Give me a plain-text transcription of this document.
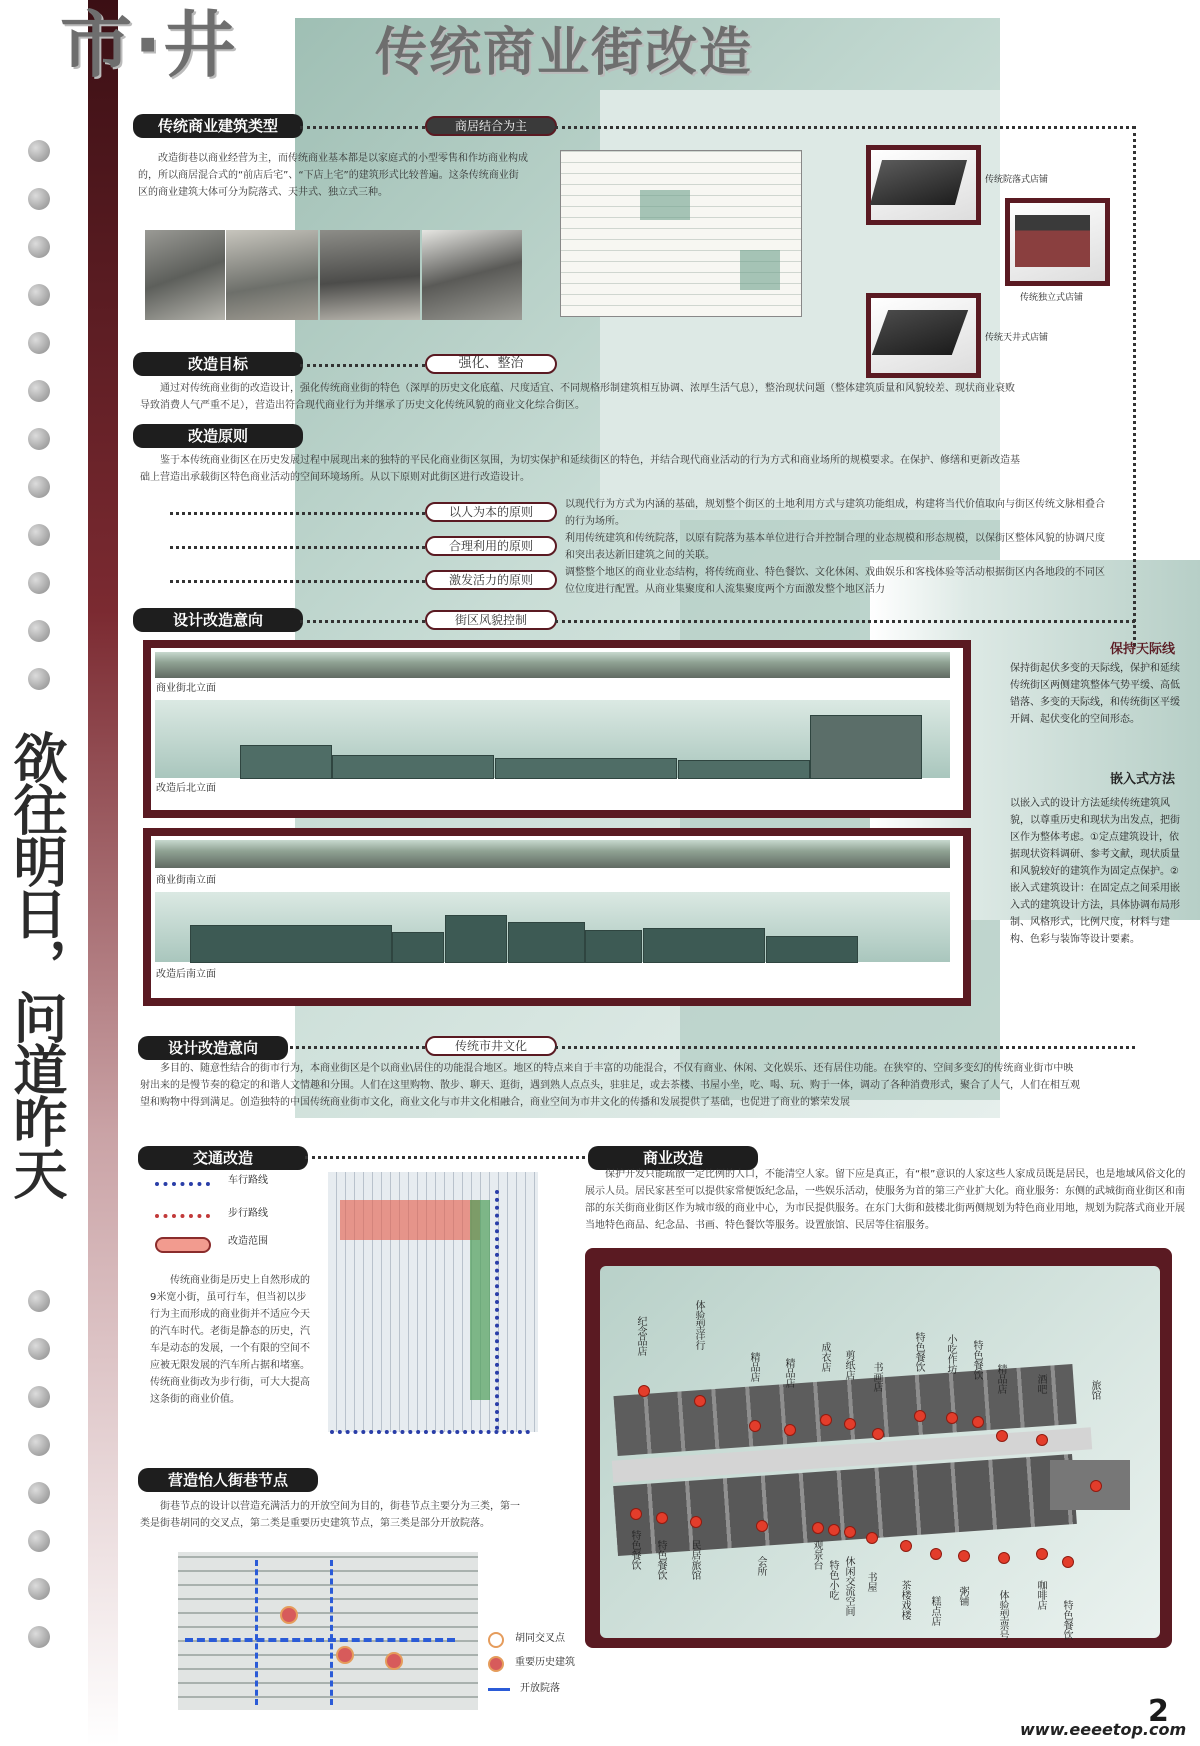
欲往明日，问道昨天
市·井	传统商业街改造
传统商业建筑类型	商居结合为主
改造街巷以商业经营为主，而传统商业基本都是以家庭式的小型零售和作坊商业构成的，所以商居混合式的“前店后宅”、“下店上宅”的建筑形式比较普遍。这条传统商业街区的商业建筑大体可分为院落式、天井式、独立式三种。
传统院落式店铺
传统独立式店铺
传统天井式店铺
改造目标	强化、整治
通过对传统商业街的改造设计，强化传统商业街的特色（深厚的历史文化底蕴、尺度适宜、不同规格形制建筑相互协调、浓厚生活气息），整治现状问题（整体建筑质量和风貌较差、现状商业衰败导致消费人气严重不足），营造出符合现代商业行为并继承了历史文化传统风貌的商业文化综合街区。
改造原则
鉴于本传统商业街区在历史发展过程中展现出来的独特的平民化商业街区氛围，为切实保护和延续街区的特色，并结合现代商业活动的行为方式和商业场所的规模要求。在保护、修缮和更新改造基础上营造出承载街区特色商业活动的空间环境场所。从以下原则对此街区进行改造设计。
以人为本的原则
以现代行为方式为内涵的基础，规划整个街区的土地利用方式与建筑功能组成，构建将当代价值取向与街区传统文脉相叠合的行为场所。
合理利用的原则
利用传统建筑和传统院落，以原有院落为基本单位进行合并控制合理的业态规模和形态规模，以保街区整体风貌的协调尺度和突出表达新旧建筑之间的关联。
激发活力的原则
调整整个地区的商业业态结构，将传统商业、特色餐饮、文化休闲、戏曲娱乐和客栈体验等活动根据街区内各地段的不同区位位度进行配置。从商业集聚度和人流集聚度两个方面激发整个地区活力
设计改造意向	街区风貌控制
商业街北立面
改造后北立面
商业街南立面
改造后南立面
保持天际线
保持街起伏多变的天际线，保护和延续传统街区两侧建筑整体气势平缓、高低错落、多变的天际线，和传统街区平缓开阔、起伏变化的空间形态。
嵌入式方法
以嵌入式的设计方法延续传统建筑风貌，以尊重历史和现状为出发点，把街区作为整体考虑。①定点建筑设计，依据现状资料调研、参考文献，现状质量和风貌较好的建筑作为固定点保护。②嵌入式建筑设计：在固定点之间采用嵌入式的建筑设计方法，具体协调布局形制、风格形式，比例尺度，材料与建构、色彩与装饰等设计要素。
设计改造意向	传统市井文化
多目的、随意性结合的街市行为，本商业街区是个以商业\居住的功能混合地区。地区的特点来自于丰富的功能混合，不仅有商业、休闲、文化娱乐、还有居住功能。在狭窄的、空间多变幻的传统商业街市中映射出来的是慢节奏的稳定的和谐人文情趣和分围。人们在这里购物、散步、聊天、逛街，遇到熟人点点头，驻驻足，或去茶楼、书屋小坐，吃、喝、玩、购于一体，调动了各种消费形式，聚合了人气，人们在相互观望和购物中得到满足。创造独特的中国传统商业街市文化，商业文化与市井文化相融合，商业空间为市井文化的传播和发展提供了基础，也促进了商业的繁荣发展
交通改造
车行路线
步行路线
改造范围
传统商业街是历史上自然形成的9米宽小街，虽可行车，但当初以步行为主而形成的商业街并不适应今天的汽车时代。老街是静态的历史，汽车是动态的发展，一个有限的空间不应被无限发展的汽车所占据和堵塞。传统商业街改为步行街，可大大提高这条街的商业价值。
商业改造
保护开发只能疏散一定比例的人口，不能清空人家。留下应是真正，有“根”意识的人家这些人家成员既是居民，也是地域风俗文化的展示人员。居民家甚至可以提供家常便饭纪念品，一些娱乐活动，使服务为首的第三产业扩大化。商业服务：东侧的武城街商业街区和南部的东关街商业街区作为城市级的商业中心，为市民提供服务。在东门大街和鼓楼北街两侧规划为特色商业用地，规划为院落式商业开展当地特色商品、纪念品、书画、特色餐饮等服务。设置旅馆、民居等住宿服务。
纪念品店	体验型洋行
精品店 精品店
成衣店 剪纸店 书画店
特色餐饮 小吃作坊 特色餐饮 精品店	酒吧	旅馆
特色餐饮 特色餐饮 民居旅馆	会所	观景台
特色小吃 休闲交流空间 书屋 茶楼戏楼 糕点店 粥铺	体验型票号	咖啡店
特色餐饮
营造怡人街巷节点
街巷节点的设计以营造充满活力的开放空间为目的，街巷节点主要分为三类，第一类是街巷胡同的交叉点，第二类是重要历史建筑节点，第三类是部分开放院落。
胡同交叉点
重要历史建筑
开放院落
2
www.eeeetop.com
